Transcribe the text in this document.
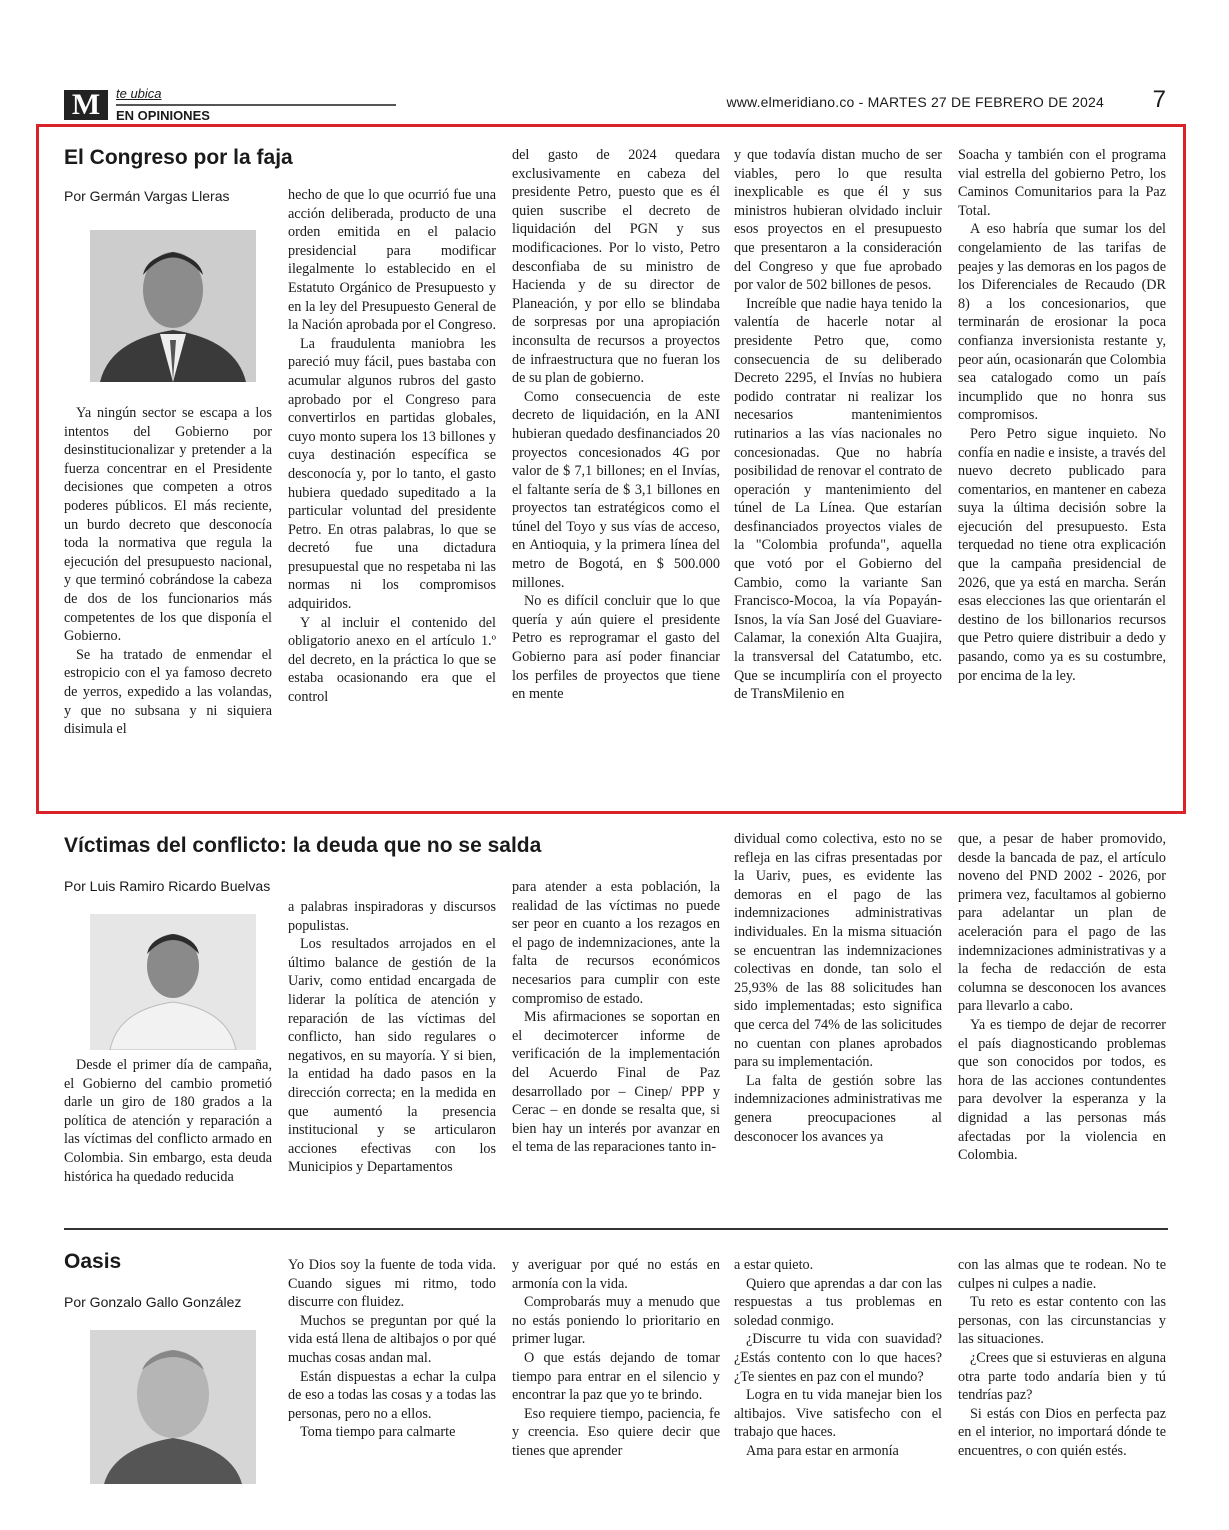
M	te ubica
EN OPINIONES
www.elmeridiano.co - MARTES 27 DE FEBRERO DE 2024 7
El Congreso por la faja
Por Germán Vargas Lleras

Ya ningún sector se escapa a los intentos del Gobierno por desinstitucionalizar y pretender a la fuerza concentrar en el Presidente decisiones que competen a otros poderes públicos. El más reciente, un burdo decreto que desconocía toda la normativa que regula la ejecución del presupuesto nacional, y que terminó cobrándose la cabeza de dos de los funcionarios más competentes de los que disponía el Gobierno.

Se ha tratado de enmendar el estropicio con el ya famoso decreto de yerros, expedido a las volandas, y que no subsana y ni siquiera disimula el

hecho de que lo que ocurrió fue una acción deliberada, producto de una orden emitida en el palacio presidencial para modificar ilegalmente lo establecido en el Estatuto Orgánico de Presupuesto y en la ley del Presupuesto General de la Nación aprobada por el Congreso.

La fraudulenta maniobra les pareció muy fácil, pues bastaba con acumular algunos rubros del gasto aprobado por el Congreso para convertirlos en partidas globales, cuyo monto supera los 13 billones y cuya destinación específica se desconocía y, por lo tanto, el gasto hubiera quedado supeditado a la particular voluntad del presidente Petro. En otras palabras, lo que se decretó fue una dictadura presupuestal que no respetaba ni las normas ni los compromisos adquiridos.

Y al incluir el contenido del obligatorio anexo en el artículo 1.º del decreto, en la práctica lo que se estaba ocasionando era que el control

del gasto de 2024 quedara exclusivamente en cabeza del presidente Petro, puesto que es él quien suscribe el decreto de liquidación del PGN y sus modificaciones. Por lo visto, Petro desconfiaba de su ministro de Hacienda y de su director de Planeación, y por ello se blindaba de sorpresas por una apropiación inconsulta de recursos a proyectos de infraestructura que no fueran los de su plan de gobierno.

Como consecuencia de este decreto de liquidación, en la ANI hubieran quedado desfinanciados 20 proyectos concesionados 4G por valor de $ 7,1 billones; en el Invías, el faltante sería de $ 3,1 billones en proyectos tan estratégicos como el túnel del Toyo y sus vías de acceso, en Antioquia, y la primera línea del metro de Bogotá, en $ 500.000 millones.

No es difícil concluir que lo que quería y aún quiere el presidente Petro es reprogramar el gasto del Gobierno para así poder financiar los perfiles de proyectos que tiene en mente

y que todavía distan mucho de ser viables, pero lo que resulta inexplicable es que él y sus ministros hubieran olvidado incluir esos proyectos en el presupuesto que presentaron a la consideración del Congreso y que fue aprobado por valor de 502 billones de pesos.

Increíble que nadie haya tenido la valentía de hacerle notar al presidente Petro que, como consecuencia de su deliberado Decreto 2295, el Invías no hubiera podido contratar ni realizar los necesarios mantenimientos rutinarios a las vías nacionales no concesionadas. Que no habría posibilidad de renovar el contrato de operación y mantenimiento del túnel de La Línea. Que estarían desfinanciados proyectos viales de la "Colombia profunda", aquella que votó por el Gobierno del Cambio, como la variante San Francisco-Mocoa, la vía Popayán-Isnos, la vía San José del Guaviare-Calamar, la conexión Alta Guajira, la transversal del Catatumbo, etc. Que se incumpliría con el proyecto de TransMilenio en

Soacha y también con el programa vial estrella del gobierno Petro, los Caminos Comunitarios para la Paz Total.

A eso habría que sumar los del congelamiento de las tarifas de peajes y las demoras en los pagos de los Diferenciales de Recaudo (DR 8) a los concesionarios, que terminarán de erosionar la poca confianza inversionista restante y, peor aún, ocasionarán que Colombia sea catalogado como un país incumplido que no honra sus compromisos.

Pero Petro sigue inquieto. No confía en nadie e insiste, a través del nuevo decreto publicado para comentarios, en mantener en cabeza suya la última decisión sobre la ejecución del presupuesto. Esta terquedad no tiene otra explicación que la campaña presidencial de 2026, que ya está en marcha. Serán esas elecciones las que orientarán el destino de los billonarios recursos que Petro quiere distribuir a dedo y pasando, como ya es su costumbre, por encima de la ley.

Víctimas del conflicto: la deuda que no se salda
Por Luis Ramiro Ricardo Buelvas

Desde el primer día de campaña, el Gobierno del cambio prometió darle un giro de 180 grados a la política de atención y reparación a las víctimas del conflicto armado en Colombia. Sin embargo, esta deuda histórica ha quedado reducida

a palabras inspiradoras y discursos populistas.

Los resultados arrojados en el último balance de gestión de la Uariv, como entidad encargada de liderar la política de atención y reparación de las víctimas del conflicto, han sido regulares o negativos, en su mayoría. Y si bien, la entidad ha dado pasos en la dirección correcta; en la medida en que aumentó la presencia institucional y se articularon acciones efectivas con los Municipios y Departamentos

para atender a esta población, la realidad de las víctimas no puede ser peor en cuanto a los rezagos en el pago de indemnizaciones, ante la falta de recursos económicos necesarios para cumplir con este compromiso de estado.

Mis afirmaciones se soportan en el decimotercer informe de verificación de la implementación del Acuerdo Final de Paz desarrollado por – Cinep/ PPP y Cerac – en donde se resalta que, si bien hay un interés por avanzar en el tema de las reparaciones tanto in-

dividual como colectiva, esto no se refleja en las cifras presentadas por la Uariv, pues, es evidente las demoras en el pago de las indemnizaciones administrativas individuales. En la misma situación se encuentran las indemnizaciones colectivas en donde, tan solo el 25,93% de las 88 solicitudes han sido implementadas; esto significa que cerca del 74% de las solicitudes no cuentan con planes aprobados para su implementación.

La falta de gestión sobre las indemnizaciones administrativas me genera preocupaciones al desconocer los avances ya

que, a pesar de haber promovido, desde la bancada de paz, el artículo noveno del PND 2002 - 2026, por primera vez, facultamos al gobierno para adelantar un plan de aceleración para el pago de las indemnizaciones administrativas y a la fecha de redacción de esta columna se desconocen los avances para llevarlo a cabo.

Ya es tiempo de dejar de recorrer el país diagnosticando problemas que son conocidos por todos, es hora de las acciones contundentes para devolver la esperanza y la dignidad a las personas más afectadas por la violencia en Colombia.

Oasis
Por Gonzalo Gallo González

Yo Dios soy la fuente de toda vida. Cuando sigues mi ritmo, todo discurre con fluidez.

Muchos se preguntan por qué la vida está llena de altibajos o por qué muchas cosas andan mal.

Están dispuestas a echar la culpa de eso a todas las cosas y a todas las personas, pero no a ellos.

Toma tiempo para calmarte

y averiguar por qué no estás en armonía con la vida.

Comprobarás muy a menudo que no estás poniendo lo prioritario en primer lugar.

O que estás dejando de tomar tiempo para entrar en el silencio y encontrar la paz que yo te brindo.

Eso requiere tiempo, paciencia, fe y creencia. Eso quiere decir que tienes que aprender

a estar quieto.

Quiero que aprendas a dar con las respuestas a tus problemas en soledad conmigo.

¿Discurre tu vida con suavidad? ¿Estás contento con lo que haces? ¿Te sientes en paz con el mundo?

Logra en tu vida manejar bien los altibajos. Vive satisfecho con el trabajo que haces.

Ama para estar en armonía

con las almas que te rodean. No te culpes ni culpes a nadie.

Tu reto es estar contento con las personas, con las circunstancias y las situaciones.

¿Crees que si estuvieras en alguna otra parte todo andaría bien y tú tendrías paz?

Si estás con Dios en perfecta paz en el interior, no importará dónde te encuentres, o con quién estés.
